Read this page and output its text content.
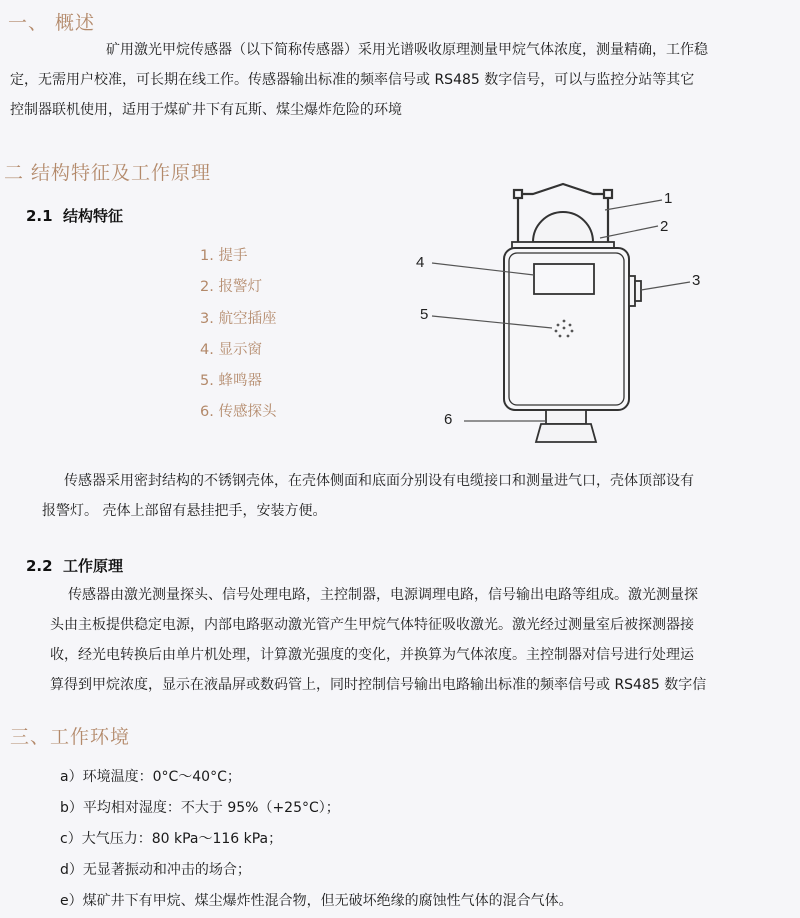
一、 概述
矿用激光甲烷传感器（以下简称传感器）采用光谱吸收原理测量甲烷气体浓度，测量精确，工作稳
定，无需用户校准，可长期在线工作。传感器输出标准的频率信号或 RS485 数字信号，可以与监控分站等其它
控制器联机使用，适用于煤矿井下有瓦斯、煤尘爆炸危险的环境
二 结构特征及工作原理
2.1 结构特征
1. 提手
2. 报警灯
3. 航空插座
4. 显示窗
5. 蜂鸣器
6. 传感探头
1
2
3
4
5
6
传感器采用密封结构的不锈钢壳体，在壳体侧面和底面分别设有电缆接口和测量进气口，壳体顶部设有
报警灯。 壳体上部留有悬挂把手，安装方便。
2.2 工作原理
传感器由激光测量探头、信号处理电路，主控制器，电源调理电路，信号输出电路等组成。激光测量探
头由主板提供稳定电源，内部电路驱动激光管产生甲烷气体特征吸收激光。激光经过测量室后被探测器接
收，经光电转换后由单片机处理，计算激光强度的变化，并换算为气体浓度。主控制器对信号进行处理运
算得到甲烷浓度，显示在液晶屏或数码管上，同时控制信号输出电路输出标准的频率信号或 RS485 数字信
三、工作环境
a）环境温度：0°C～40°C；
b）平均相对湿度：不大于 95%（+25°C）；
c）大气压力：80 kPa～116 kPa；
d）无显著振动和冲击的场合；
e）煤矿井下有甲烷、煤尘爆炸性混合物，但无破坏绝缘的腐蚀性气体的混合气体。
